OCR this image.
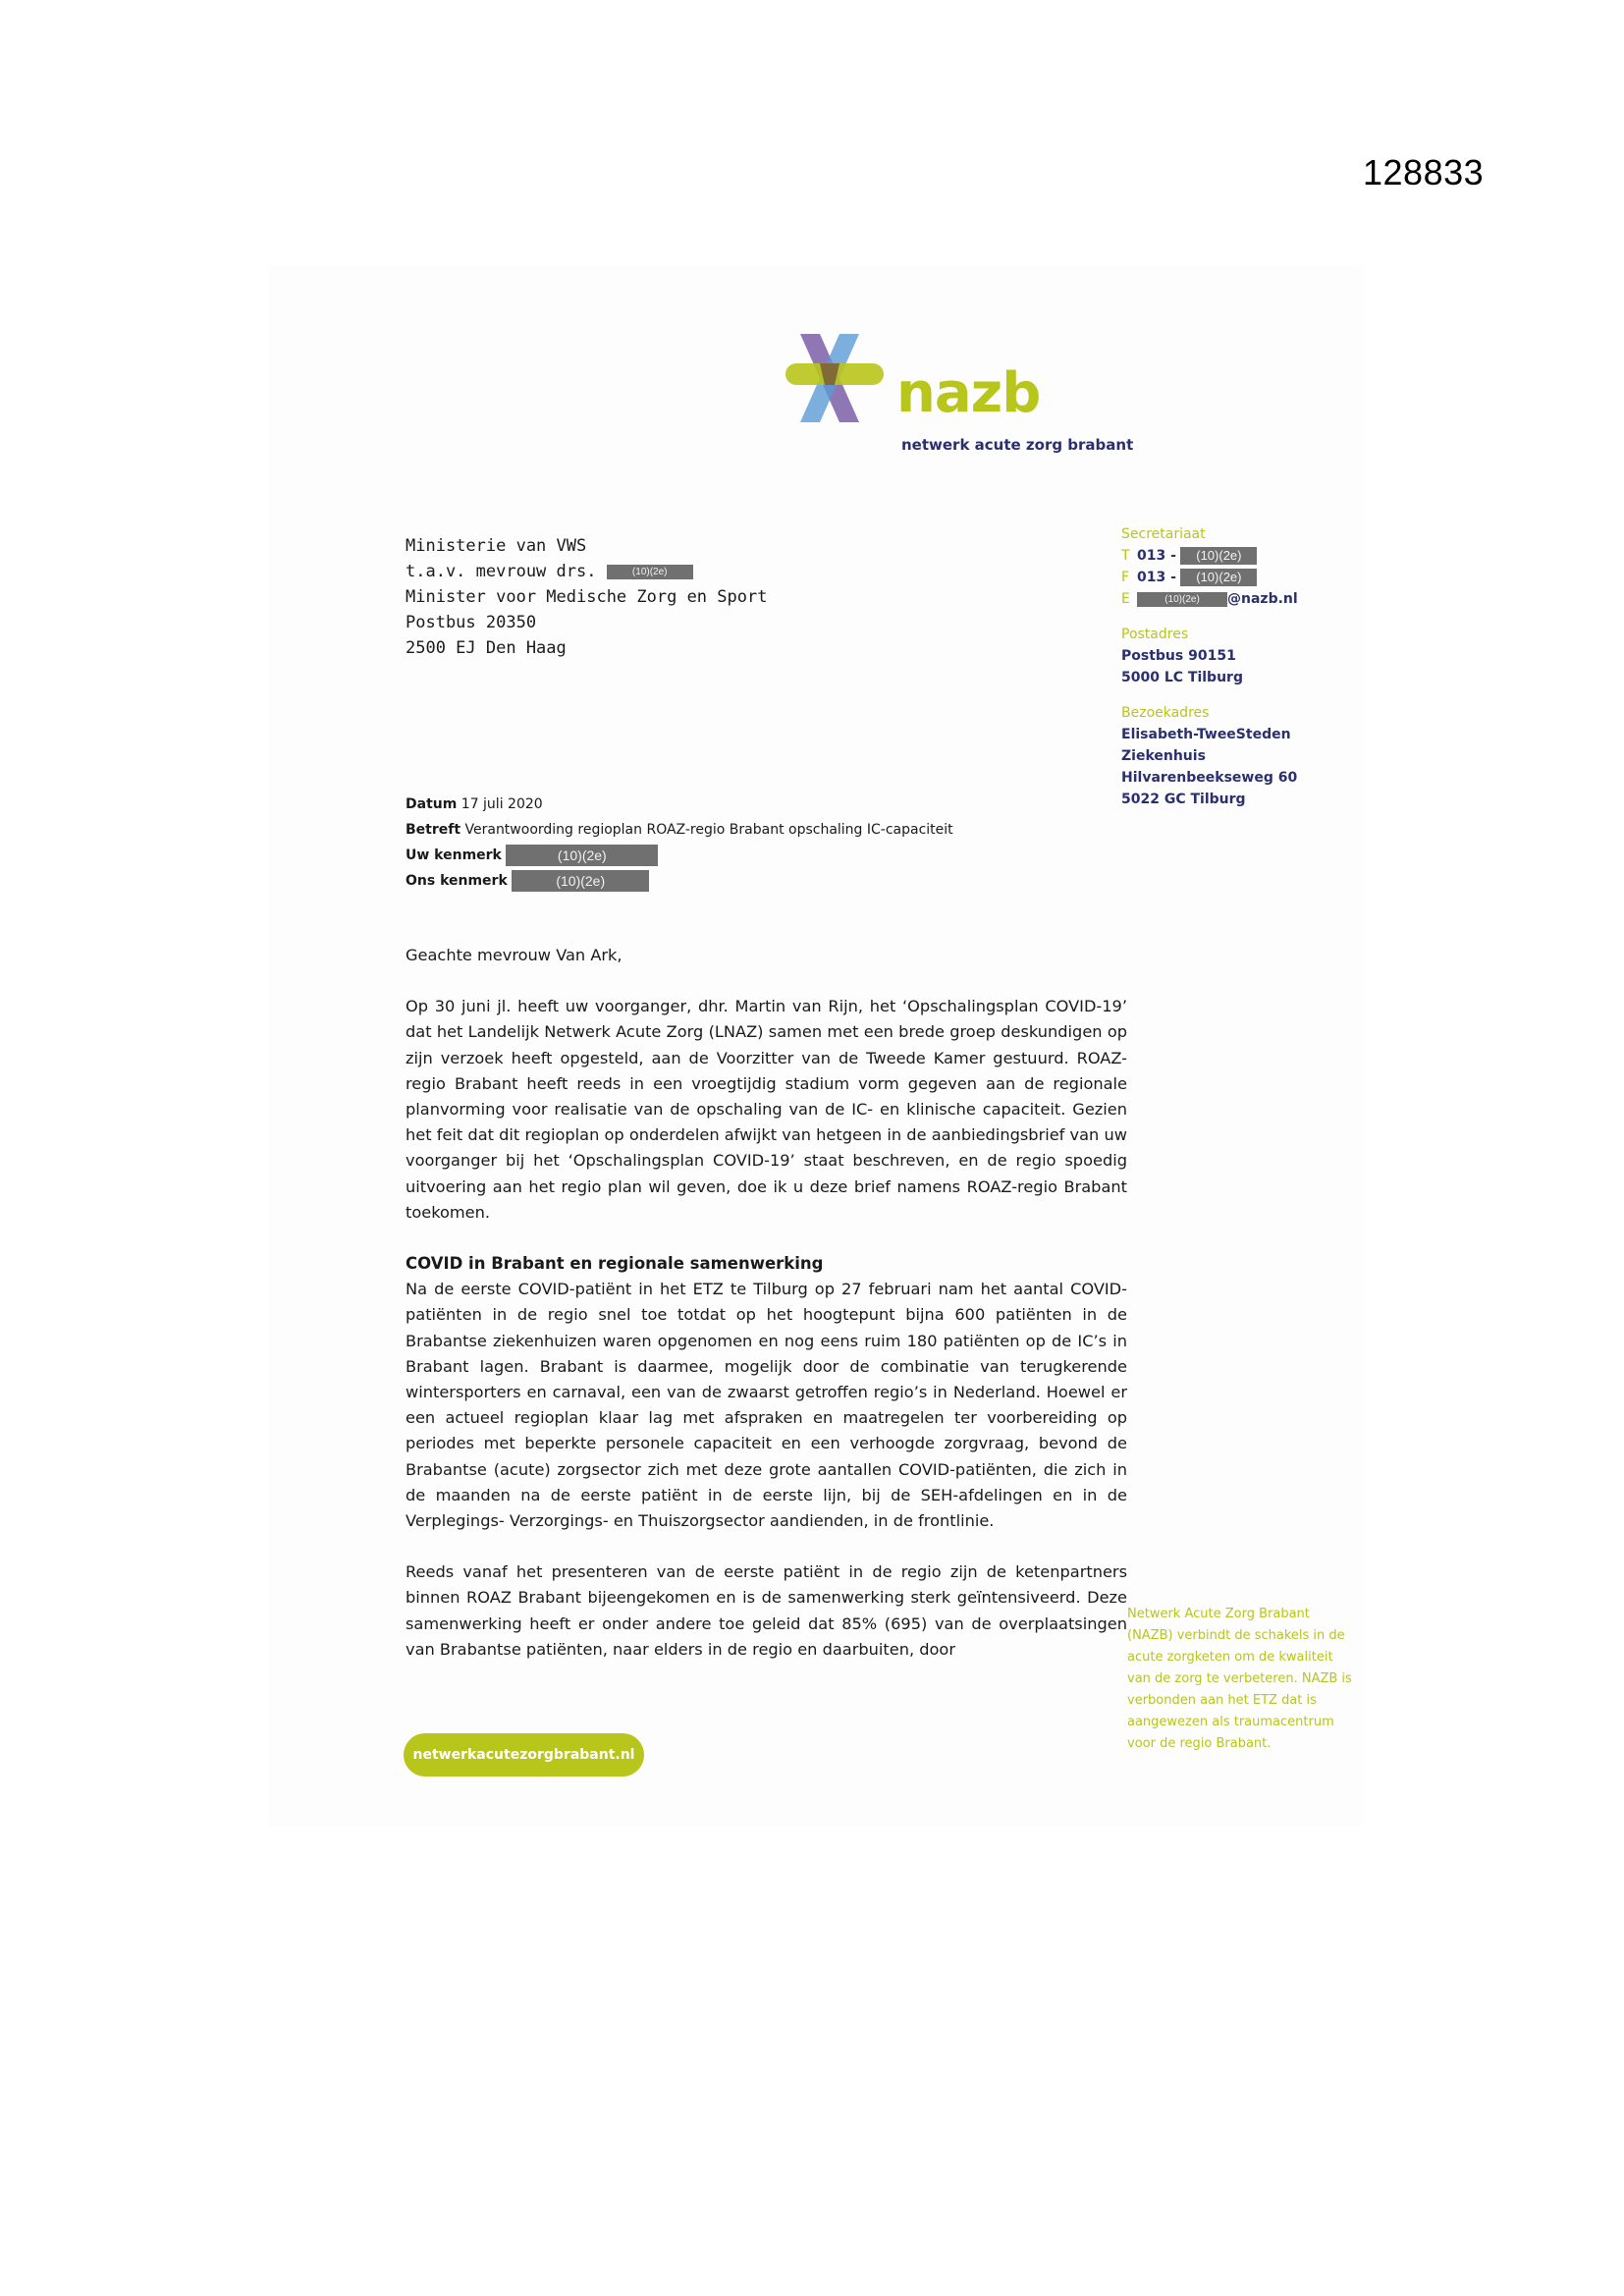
128833
nazb
netwerk acute zorg brabant
Ministerie van VWS
t.a.v. mevrouw drs.	(10)(2e)
Minister voor Medische Zorg en Sport
Postbus 20350
2500 EJ Den Haag
Secretariaat
T 013 - (10)(2e)
F 013 - (10)(2e)
E	(10)(2e) @nazb.nl
Postadres
Postbus 90151
5000 LC Tilburg
Bezoekadres
Elisabeth-TweeSteden
Ziekenhuis
Hilvarenbeekseweg 60
5022 GC Tilburg
Datum 17 juli 2020
Betreft Verantwoording regioplan ROAZ-regio Brabant opschaling IC-capaciteit
Uw kenmerk	(10)(2e)
Ons kenmerk	(10)(2e)

Geachte mevrouw Van Ark,

Op 30 juni jl. heeft uw voorganger, dhr. Martin van Rijn, het ‘Opschalingsplan COVID-19’ dat het Landelijk Netwerk Acute Zorg (LNAZ) samen met een brede groep deskundigen op zijn verzoek heeft opgesteld, aan de Voorzitter van de Tweede Kamer gestuurd. ROAZ-regio Brabant heeft reeds in een vroegtijdig stadium vorm gegeven aan de regionale planvorming voor realisatie van de opschaling van de IC- en klinische capaciteit. Gezien het feit dat dit regioplan op onderdelen afwijkt van hetgeen in de aanbiedingsbrief van uw voorganger bij het ‘Opschalingsplan COVID-19’ staat beschreven, en de regio spoedig uitvoering aan het regio plan wil geven, doe ik u deze brief namens ROAZ-regio Brabant toekomen.

COVID in Brabant en regionale samenwerking

Na de eerste COVID-patiënt in het ETZ te Tilburg op 27 februari nam het aantal COVID-patiënten in de regio snel toe totdat op het hoogtepunt bijna 600 patiënten in de Brabantse ziekenhuizen waren opgenomen en nog eens ruim 180 patiënten op de IC’s in Brabant lagen. Brabant is daarmee, mogelijk door de combinatie van terugkerende wintersporters en carnaval, een van de zwaarst getroffen regio’s in Nederland. Hoewel er een actueel regioplan klaar lag met afspraken en maatregelen ter voorbereiding op periodes met beperkte personele capaciteit en een verhoogde zorgvraag, bevond de Brabantse (acute) zorgsector zich met deze grote aantallen COVID-patiënten, die zich in de maanden na de eerste patiënt in de eerste lijn, bij de SEH-afdelingen en in de Verplegings- Verzorgings- en Thuiszorgsector aandienden, in de frontlinie.

Reeds vanaf het presenteren van de eerste patiënt in de regio zijn de ketenpartners binnen ROAZ Brabant bijeengekomen en is de samenwerking sterk geïntensiveerd. Deze samenwerking heeft er onder andere toe geleid dat 85% (695) van de overplaatsingen van Brabantse patiënten, naar elders in de regio en daarbuiten, door

netwerkacutezorgbrabant.nl
Netwerk Acute Zorg Brabant (NAZB) verbindt de schakels in de acute zorgketen om de kwaliteit van de zorg te verbeteren. NAZB is verbonden aan het ETZ dat is aangewezen als traumacentrum voor de regio Brabant.
